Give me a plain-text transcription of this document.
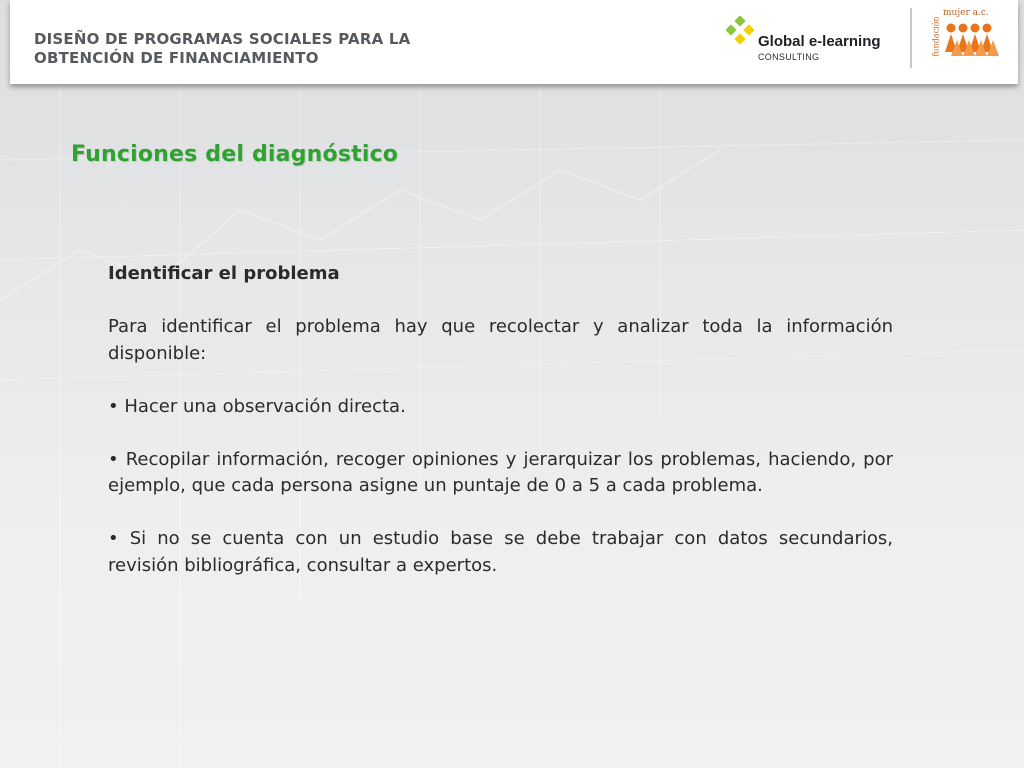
DISEÑO DE PROGRAMAS SOCIALES PARA LA
OBTENCIÓN DE FINANCIAMIENTO
Global e-learning
CONSULTING
fundación
mujer a.c.
Funciones del diagnóstico

Identificar el problema

Para identificar el problema hay que recolectar y analizar toda la información disponible:

• Hacer una observación directa.

• Recopilar información, recoger opiniones y jerarquizar los problemas, haciendo, por ejemplo, que cada persona asigne un puntaje de 0 a 5 a cada problema.

• Si no se cuenta con un estudio base se debe trabajar con datos secundarios, revisión bibliográfica, consultar a expertos.
